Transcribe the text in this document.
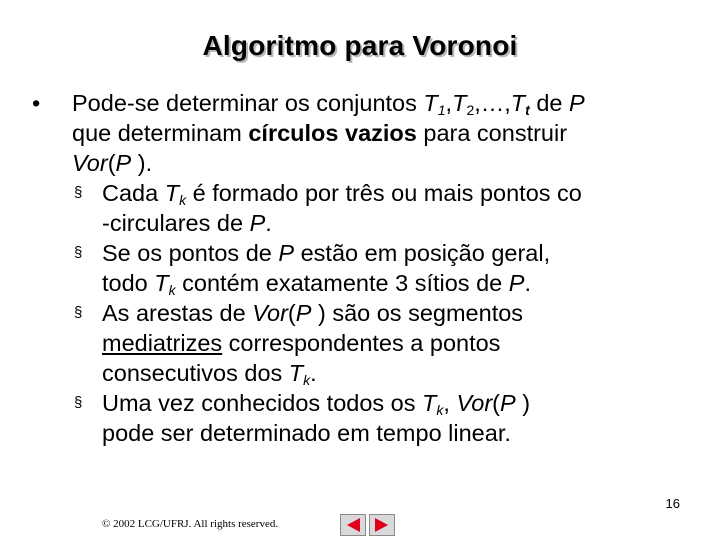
Algoritmo para Voronoi
• Pode-se determinar os conjuntos $T_1,T_2,\dots,T_t$ de P
que determinam círculos vazios para construir
Vor(P ).
§ Cada $T_k$ é formado por três ou mais pontos co
-circulares de P.
§ Se os pontos de P estão em posição geral,
todo $T_k$ contém exatamente 3 sítios de P.
§ As arestas de Vor(P ) são os segmentos
mediatrizes correspondentes a pontos
consecutivos dos $T_k$.
§ Uma vez conhecidos todos os $T_k$, Vor(P )
pode ser determinado em tempo linear.
16
© 2002 LCG/UFRJ. All rights reserved.
